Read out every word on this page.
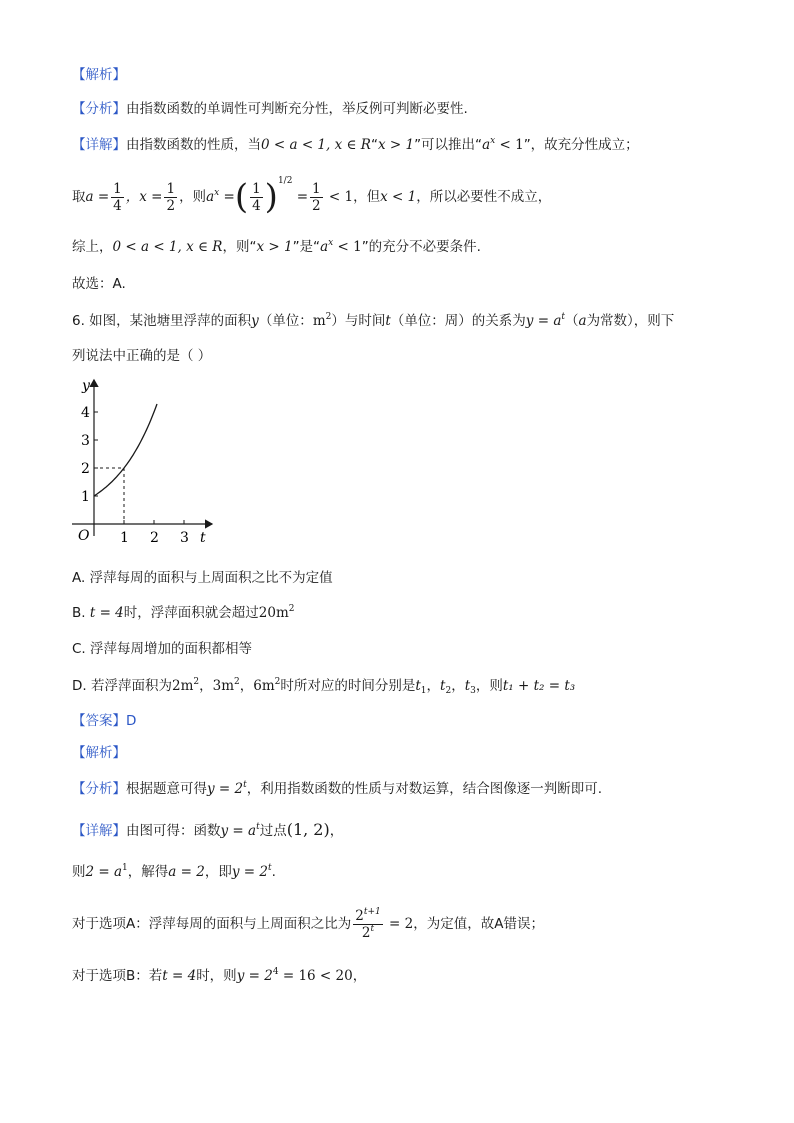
【解析】
【分析】由指数函数的单调性可判断充分性，举反例可判断必要性.
【详解】由指数函数的性质，当0 < a < 1, x ∈ R“x > 1”可以推出“$a^x < 1$”，故充分性成立；
取$a = \frac{1}{4}$ ，$x = \frac{1}{2}$ ，则$a^x$ =( $\frac{1}{4} )^{1/2} = \frac{1}{2} < 1$，但x < 1，所以必要性不成立，
综上，0 < a < 1, x ∈ R，则“x > 1”是“$a^x < 1$”的充分不必要条件.
故选：A.
6. 如图，某池塘里浮萍的面积y（单位：$m^2$）与时间t（单位：周）的关系为$y = a^t(a$为常数），则下
列说法中正确的是（ ）
1
2
3
4
1 2 3
y
t
O
A. 浮萍每周的面积与上周面积之比不为定值
B. t = 4时，浮萍面积就会超过$20m^2$
C. 浮萍每周增加的面积都相等
D. 若浮萍面积为$2m^2$，$3m^2$，$6m^2$时所对应的时间分别是$t_1$，$t_2$，$t_3$，则t₁ + t₂ = t₃
【答案】D
【解析】
【分析】根据题意可得$y = 2^t$，利用指数函数的性质与对数运算，结合图像逐一判断即可.
【详解】由图可得：函数$y = a^t$过点(1, 2)，
则$2 = a^1$，解得a = 2，即$y = 2^t$.
对于选项A：浮萍每周的面积与上周面积之比为 $\frac{2^{t+1}}{2^t} = 2$，为定值，故A错误；
对于选项B：若t = 4时，则$y = 2^4 = 16 < 20$，
